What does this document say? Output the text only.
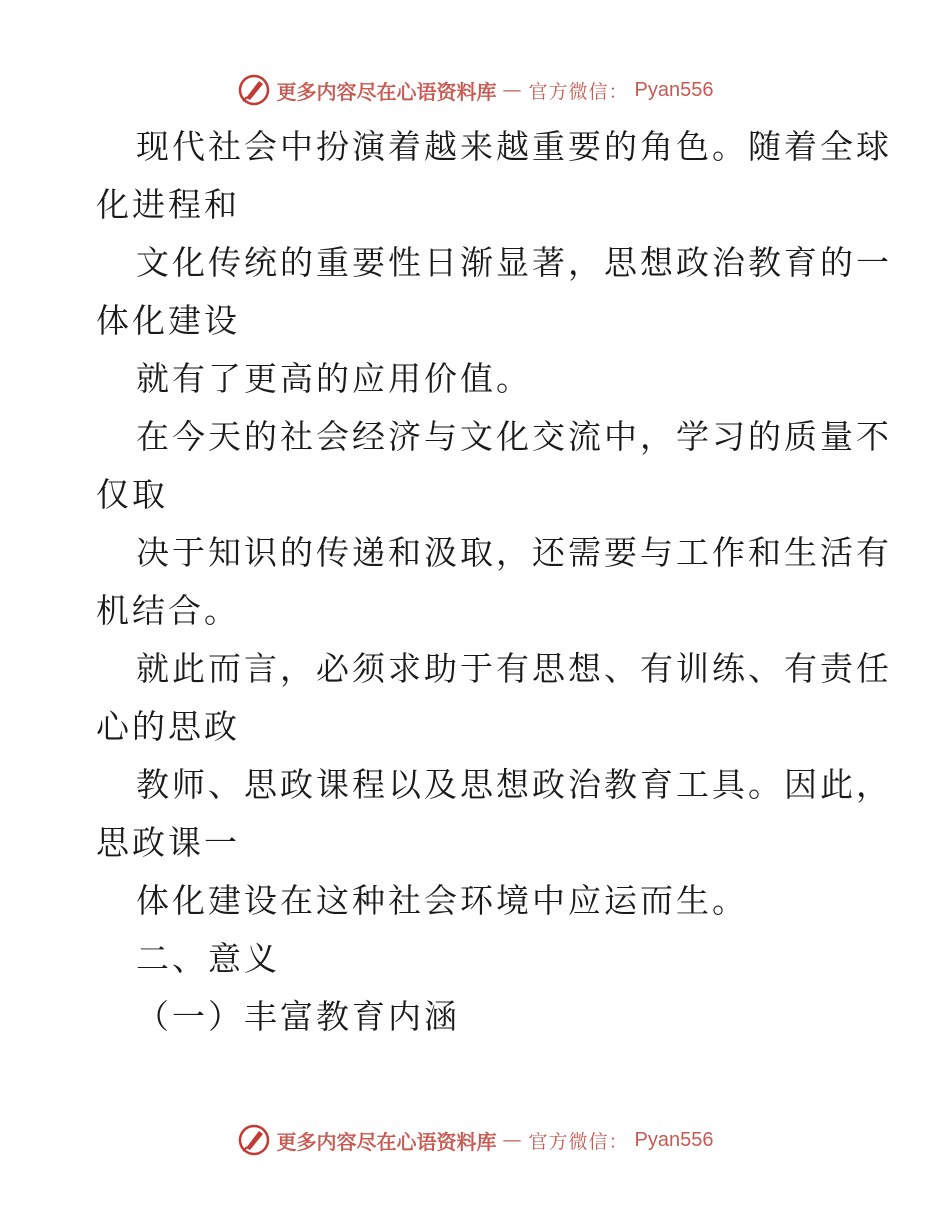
更多内容尽在心语资料库 — 官方微信： Pyan556

现代社会中扮演着越来越重要的角色。随着全球

化进程和

文化传统的重要性日渐显著，思想政治教育的一

体化建设

就有了更高的应用价值。

在今天的社会经济与文化交流中，学习的质量不

仅取

决于知识的传递和汲取，还需要与工作和生活有

机结合。

就此而言，必须求助于有思想、有训练、有责任

心的思政

教师、思政课程以及思想政治教育工具。因此，

思政课一

体化建设在这种社会环境中应运而生。

二、意义

（一）丰富教育内涵

更多内容尽在心语资料库 — 官方微信： Pyan556
